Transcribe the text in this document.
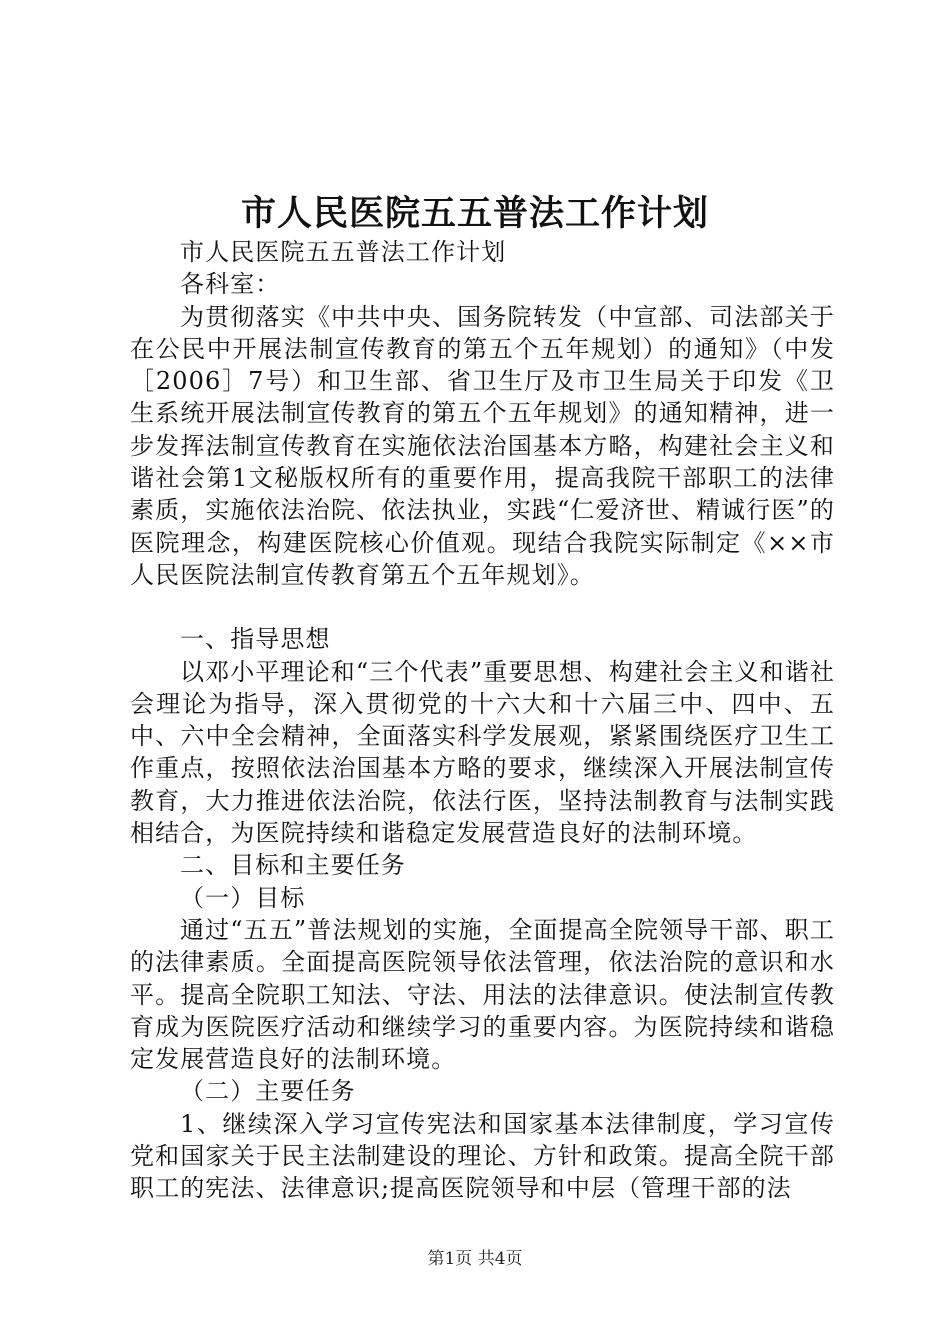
市人民医院五五普法工作计划

市人民医院五五普法工作计划

各科室：

为贯彻落实《中共中央、国务院转发（中宣部、司法部关于在公民中开展法制宣传教育的第五个五年规划）的通知》（中发［2006］7号）和卫生部、省卫生厅及市卫生局关于印发《卫生系统开展法制宣传教育的第五个五年规划》的通知精神，进一步发挥法制宣传教育在实施依法治国基本方略，构建社会主义和谐社会第1文秘版权所有的重要作用，提高我院干部职工的法律素质，实施依法治院、依法执业，实践“仁爱济世、精诚行医”的医院理念，构建医院核心价值观。现结合我院实际制定《××市人民医院法制宣传教育第五个五年规划》。

一、指导思想

以邓小平理论和“三个代表”重要思想、构建社会主义和谐社会理论为指导，深入贯彻党的十六大和十六届三中、四中、五中、六中全会精神，全面落实科学发展观，紧紧围绕医疗卫生工作重点，按照依法治国基本方略的要求，继续深入开展法制宣传教育，大力推进依法治院，依法行医，坚持法制教育与法制实践相结合，为医院持续和谐稳定发展营造良好的法制环境。

二、目标和主要任务

（一）目标

通过“五五”普法规划的实施，全面提高全院领导干部、职工的法律素质。全面提高医院领导依法管理，依法治院的意识和水平。提高全院职工知法、守法、用法的法律意识。使法制宣传教育成为医院医疗活动和继续学习的重要内容。为医院持续和谐稳定发展营造良好的法制环境。

（二）主要任务

1、继续深入学习宣传宪法和国家基本法律制度，学习宣传党和国家关于民主法制建设的理论、方针和政策。提高全院干部职工的宪法、法律意识;提高医院领导和中层（管理干部的法

第1页 共4页
